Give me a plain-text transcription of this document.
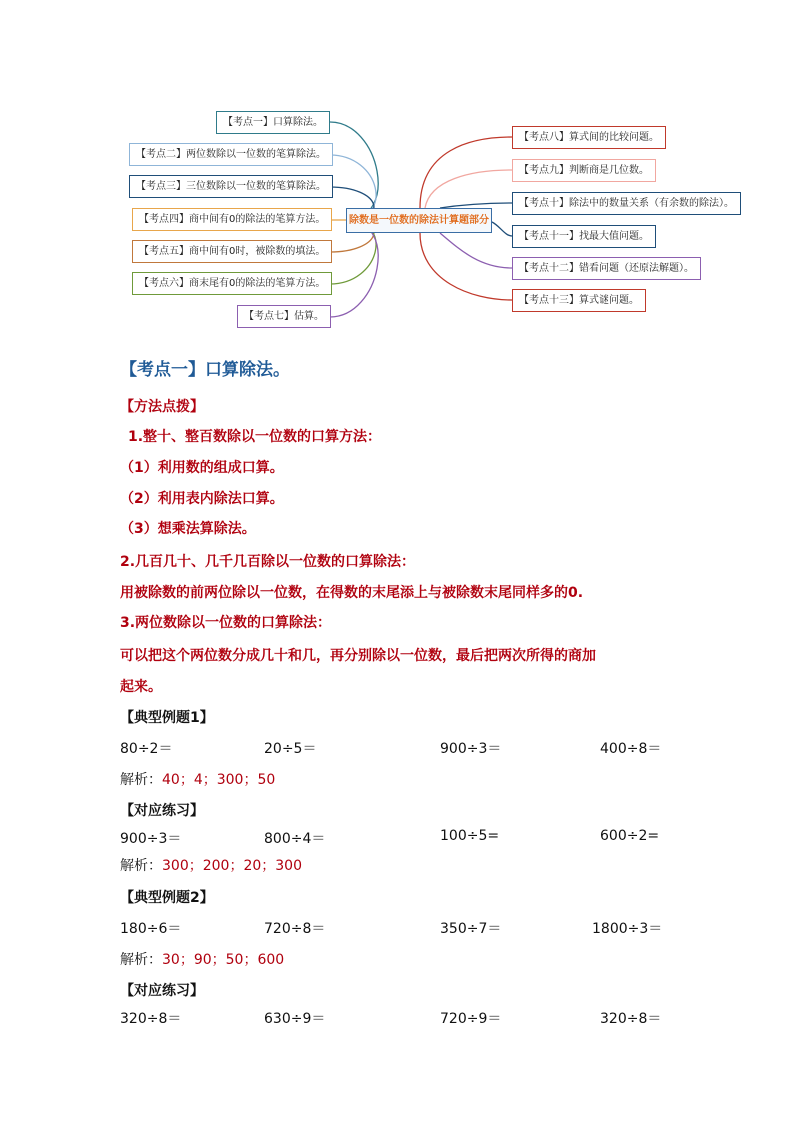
【考点一】口算除法。
【考点二】两位数除以一位数的笔算除法。
【考点三】三位数除以一位数的笔算除法。
【考点四】商中间有0的除法的笔算方法。
【考点五】商中间有0时，被除数的填法。
【考点六】商末尾有0的除法的笔算方法。
【考点七】估算。
除数是一位数的除法计算题部分
【考点八】算式间的比较问题。
【考点九】判断商是几位数。
【考点十】除法中的数量关系（有余数的除法）。
【考点十一】找最大值问题。
【考点十二】错看问题（还原法解题）。
【考点十三】算式谜问题。
【考点一】口算除法。
【方法点拨】
1.整十、整百数除以一位数的口算方法：
（1）利用数的组成口算。
（2）利用表内除法口算。
（3）想乘法算除法。
2.几百几十、几千几百除以一位数的口算除法：
用被除数的前两位除以一位数，在得数的末尾添上与被除数末尾同样多的0.
3.两位数除以一位数的口算除法：
可以把这个两位数分成几十和几，再分别除以一位数，最后把两次所得的商加
起来。
【典型例题1】
80÷2＝	20÷5＝	900÷3＝	400÷8＝
解析：40；4；300；50
【对应练习】
900÷3＝	800÷4＝	100÷5=	600÷2=
解析：300；200；20；300
【典型例题2】
180÷6＝	720÷8＝	350÷7＝	1800÷3＝
解析：30；90；50；600
【对应练习】
320÷8＝	630÷9＝	720÷9＝	320÷8＝
